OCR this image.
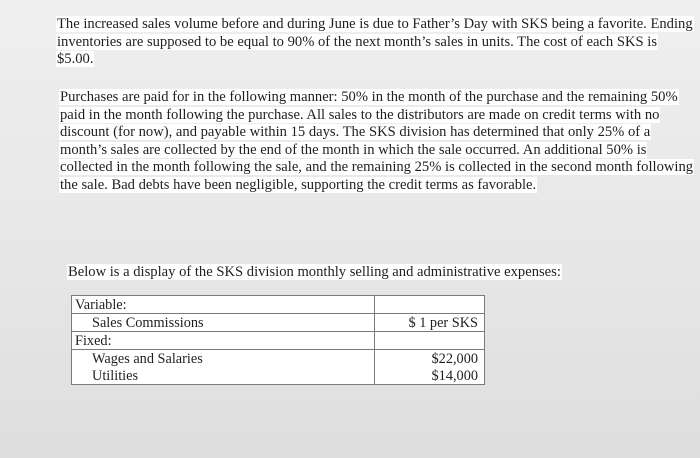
The increased sales volume before and during June is due to Father’s Day with SKS being a favorite. Ending inventories are supposed to be equal to 90% of the next month’s sales in units. The cost of each SKS is $5.00.

Purchases are paid for in the following manner: 50% in the month of the purchase and the remaining 50% paid in the month following the purchase. All sales to the distributors are made on credit terms with no discount (for now), and payable within 15 days. The SKS division has determined that only 25% of a month’s sales are collected by the end of the month in which the sale occurred. An additional 50% is collected in the month following the sale, and the remaining 25% is collected in the second month following the sale. Bad debts have been negligible, supporting the credit terms as favorable.

Below is a display of the SKS division monthly selling and administrative expenses:

Variable:	
Sales Commissions	$ 1 per SKS
Fixed:	
Wages and Salaries	$22,000
Utilities	$14,000
